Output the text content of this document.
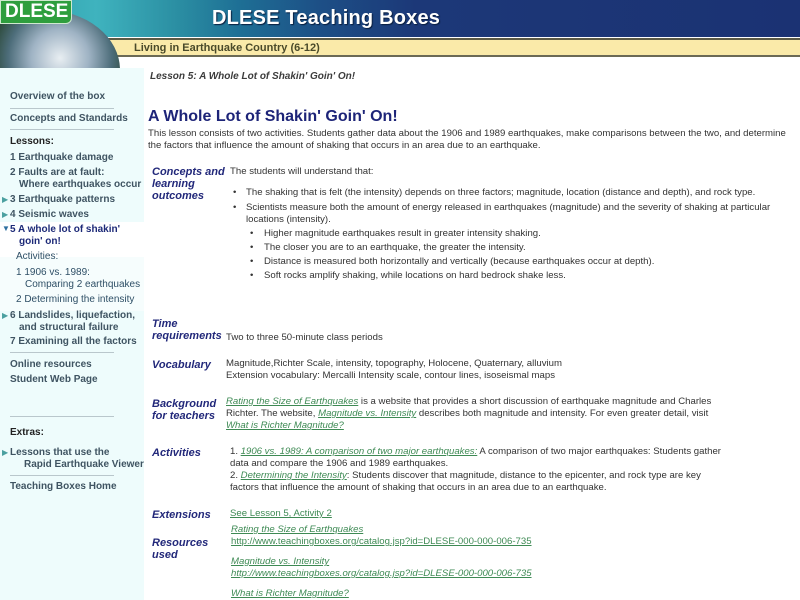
DLESE Teaching Boxes
Living in Earthquake Country (6-12)
DLESE
Overview of the box
Concepts and Standards
Lessons:
1 Earthquake damage
2 Faults are at fault:
Where earthquakes occur
▶ 3 Earthquake patterns
▶ 4 Seismic waves
▼ 5 A whole lot of shakin'
goin' on!
Activities:
1 1906 vs. 1989:
Comparing 2 earthquakes
2 Determining the intensity
▶ 6 Landslides, liquefaction,
and structural failure
7 Examining all the factors
Online resources
Student Web Page
Extras:
▶ Lessons that use the
Rapid Earthquake Viewer
Teaching Boxes Home
Lesson 5: A Whole Lot of Shakin' Goin' On!
A Whole Lot of Shakin' Goin' On!
This lesson consists of two activities. Students gather data about the 1906 and 1989 earthquakes, make comparisons between the two, and determine the factors that influence the amount of shaking that occurs in an area due to an earthquake.
Concepts and learning outcomes
The students will understand that:
• The shaking that is felt (the intensity) depends on three factors; magnitude, location (distance and depth), and rock type.
• Scientists measure both the amount of energy released in earthquakes (magnitude) and the severity of shaking at particular locations (intensity).
• Higher magnitude earthquakes result in greater intensity shaking.
• The closer you are to an earthquake, the greater the intensity.
• Distance is measured both horizontally and vertically (because earthquakes occur at depth).
• Soft rocks amplify shaking, while locations on hard bedrock shake less.
Time
requirements Two to three 50-minute class periods
Vocabulary Magnitude,Richter Scale, intensity, topography, Holocene, Quaternary, alluvium
Extension vocabulary: Mercalli Intensity scale, contour lines, isoseismal maps
Background
for teachers
Rating the Size of Earthquakes is a website that provides a short discussion of earthquake magnitude and Charles Richter. The website, Magnitude vs. Intensity describes both magnitude and intensity. For even greater detail, visit What is Richter Magnitude?
Activities	1. 1906 vs. 1989: A comparison of two major earthquakes: A comparison of two major earthquakes: Students gather data and compare the 1906 and 1989 earthquakes.
2. Determining the Intensity: Students discover that magnitude, distance to the epicenter, and rock type are key factors that influence the amount of shaking that occurs in an area due to an earthquake.
Extensions See Lesson 5, Activity 2
Resources
used
Rating the Size of Earthquakes
http://www.teachingboxes.org/catalog.jsp?id=DLESE-000-000-006-735
Magnitude vs. Intensity
http://www.teachingboxes.org/catalog.jsp?id=DLESE-000-000-006-735
What is Richter Magnitude?
